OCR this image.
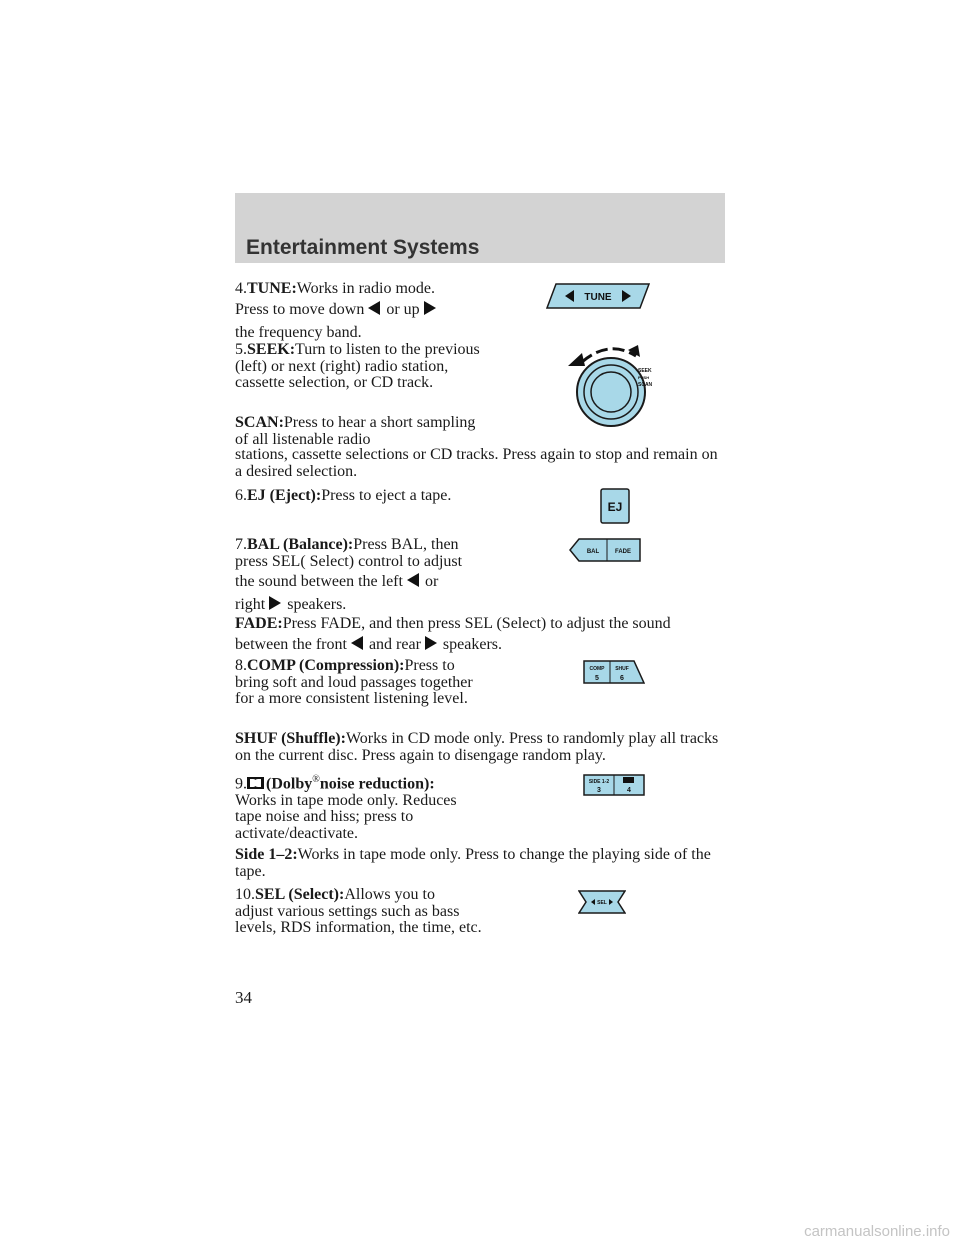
Entertainment Systems

4.TUNE:Works in radio mode.
Press to move down or up
the frequency band.

TUNE

5.SEEK:Turn to listen to the previous (left) or next (right) radio station, cassette selection, or CD track.

SEEK
PUSH
SCAN

SCAN:Press to hear a short sampling of all listenable radio

stations, cassette selections or CD tracks. Press again to stop and remain on a desired selection.

6.EJ (Eject):Press to eject a tape.

EJ

7.BAL (Balance):Press BAL, then press SEL( Select) control to adjust
the sound between the left or
right speakers.

BAL	FADE

FADE:Press FADE, and then press SEL (Select) to adjust the sound
between the front and rear speakers.

8.COMP (Compression):Press to
bring soft and loud passages together for a more consistent listening level.

COMP
5
SHUF
6

SHUF (Shuffle):Works in CD mode only. Press to randomly play all tracks on the current disc. Press again to disengage random play.

9. (Dolby®noise reduction):
Works in tape mode only. Reduces tape noise and hiss; press to activate/deactivate.

SIDE 1-2
3	4

Side 1–2:Works in tape mode only. Press to change the playing side of the tape.

10.SEL (Select):Allows you to
adjust various settings such as bass levels, RDS information, the time, etc.

SEL
34
carmanualsonline.info
